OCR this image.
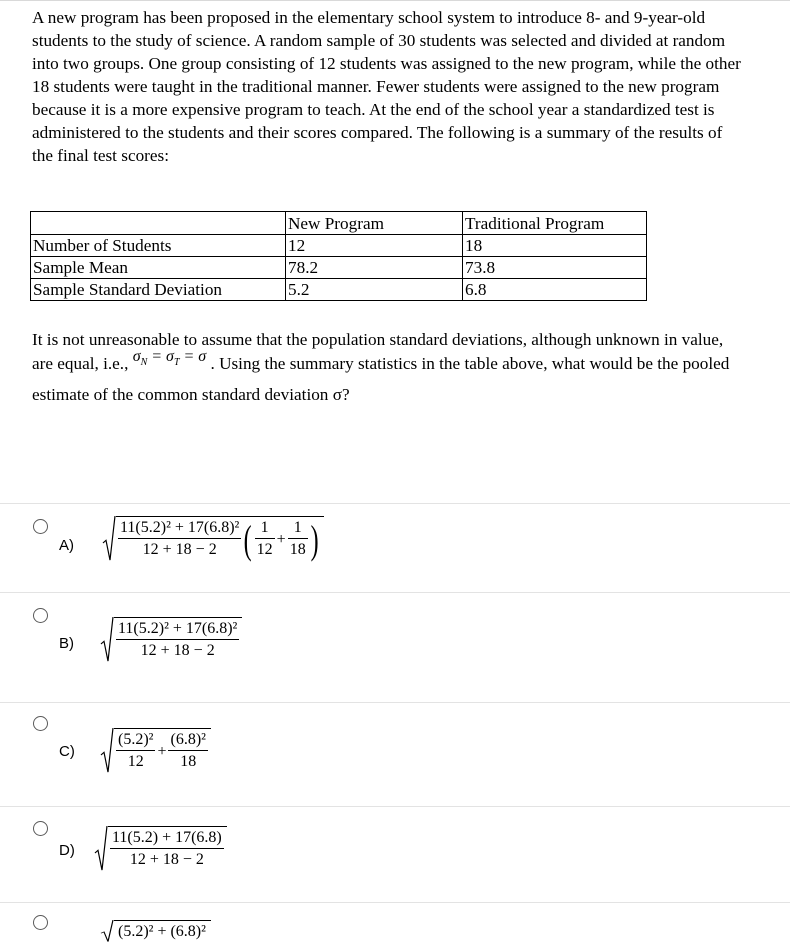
A new program has been proposed in the elementary school system to introduce 8- and 9-year-old students to the study of science. A random sample of 30 students was selected and divided at random into two groups. One group consisting of 12 students was assigned to the new program, while the other 18 students were taught in the traditional manner. Fewer students were assigned to the new program because it is a more expensive program to teach. At the end of the school year a standardized test is administered to the students and their scores compared. The following is a summary of the results of the final test scores:

	New Program	Traditional Program
Number of Students	12	18
Sample Mean	78.2	73.8
Sample Standard Deviation	5.2	6.8

It is not unreasonable to assume that the population standard deviations, although unknown in value, are equal, i.e., $\sigma_N = \sigma_T = \sigma$ . Using the summary statistics in the table above, what would be the pooled estimate of the common standard deviation σ?

A)	$\frac{\text{11(5.2)² + 17(6.8)²}}{12 + 18 - 2}$ ( $\frac{1}{12} + \frac{1}{18}$ )
B)	$\frac{\text{11(5.2)² + 17(6.8)²}}{12 + 18 - 2}$
C)	$\frac{\text{(5.2)²}}{12} + \frac{\text{(6.8)²}}{18}$
$D) \frac{11(5.2) + 17(6.8)}{12 + 18 - 2}$
(5.2)² + (6.8)²
